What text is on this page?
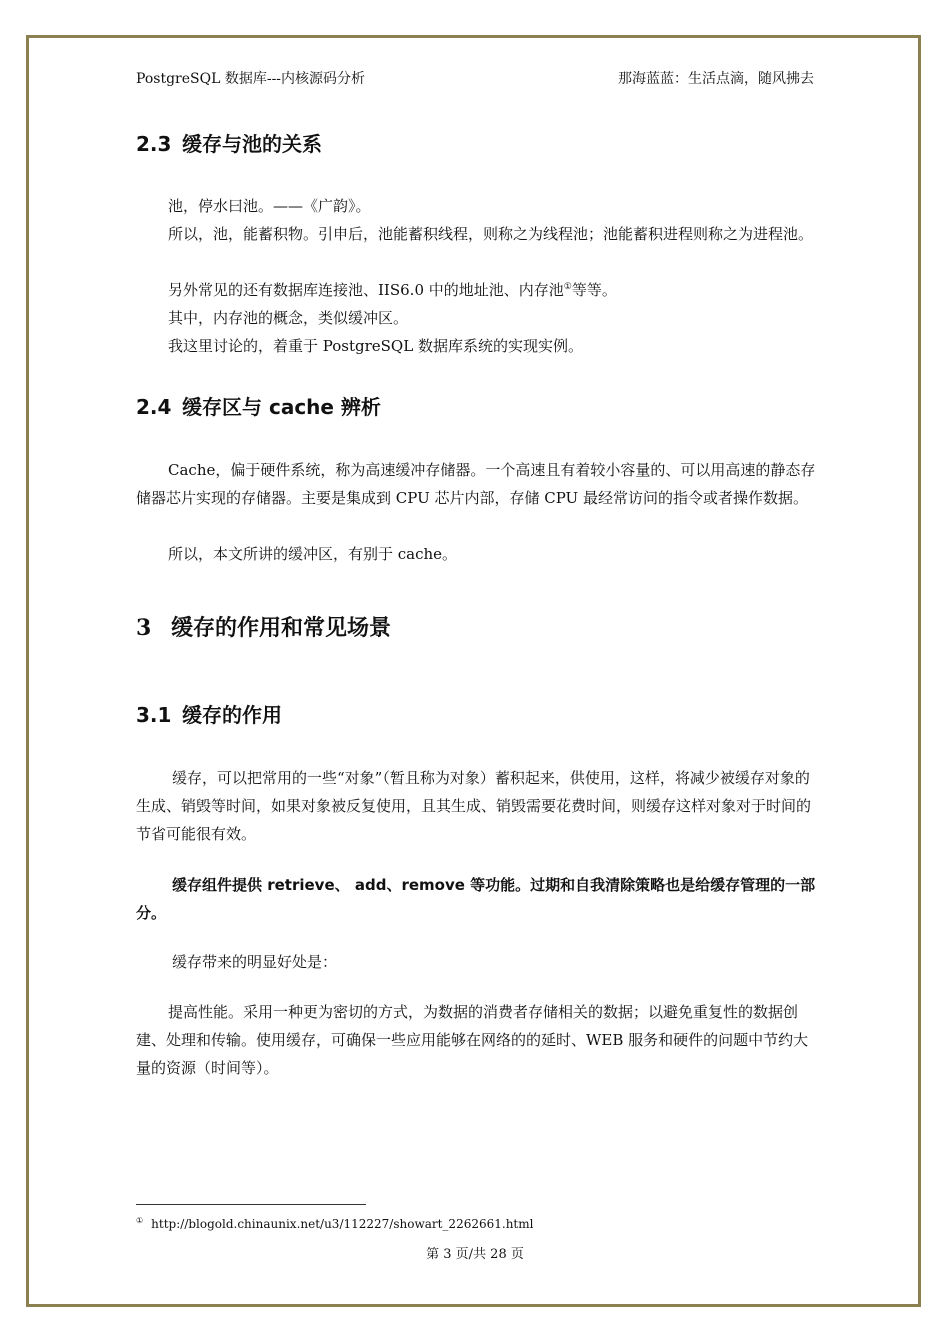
PostgreSQL 数据库---内核源码分析	那海蓝蓝：生活点滴，随风拂去
2.3 缓存与池的关系

池，停水曰池。——《广韵》。

所以，池，能蓄积物。引申后，池能蓄积线程，则称之为线程池；池能蓄积进程则称之为进程池。

另外常见的还有数据库连接池、IIS6.0 中的地址池、内存池①等等。

其中，内存池的概念，类似缓冲区。

我这里讨论的，着重于 PostgreSQL 数据库系统的实现实例。

2.4 缓存区与 cache 辨析

Cache，偏于硬件系统，称为高速缓冲存储器。一个高速且有着较小容量的、可以用高速的静态存储器芯片实现的存储器。主要是集成到 CPU 芯片内部，存储 CPU 最经常访问的指令或者操作数据。

所以，本文所讲的缓冲区，有别于 cache。

3 缓存的作用和常见场景
3.1 缓存的作用

缓存，可以把常用的一些“对象”（暂且称为对象）蓄积起来，供使用，这样，将减少被缓存对象的生成、销毁等时间，如果对象被反复使用，且其生成、销毁需要花费时间，则缓存这样对象对于时间的节省可能很有效。

缓存组件提供 retrieve、 add、remove 等功能。过期和自我清除策略也是给缓存管理的一部分。

缓存带来的明显好处是：

提高性能。采用一种更为密切的方式，为数据的消费者存储相关的数据；以避免重复性的数据创建、处理和传输。使用缓存，可确保一些应用能够在网络的的延时、WEB 服务和硬件的问题中节约大量的资源（时间等）。

① http://blogold.chinaunix.net/u3/112227/showart_2262661.html
第 3 页/共 28 页
